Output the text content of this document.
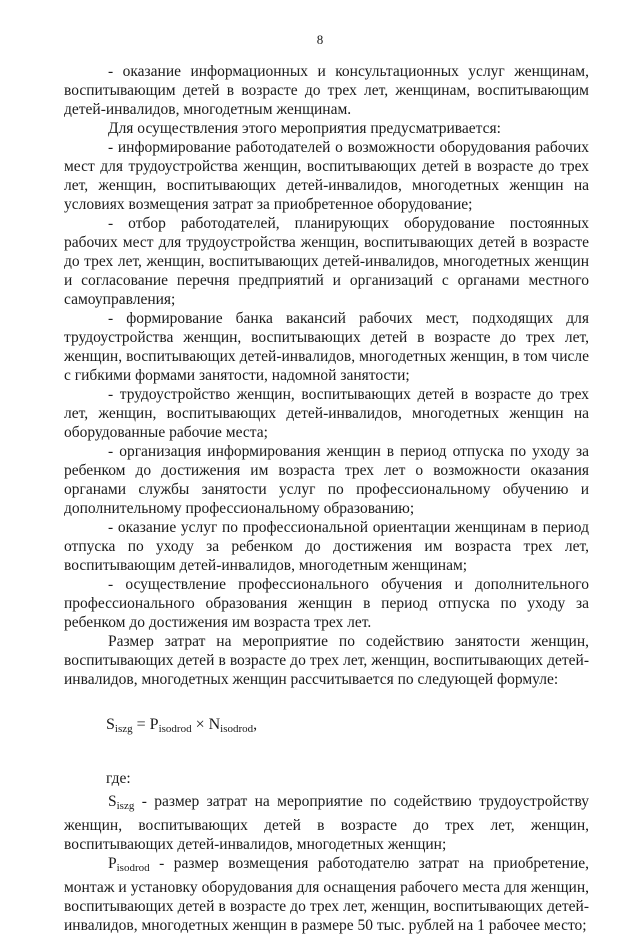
8

- оказание информационных и консультационных услуг женщинам, воспитывающим детей в возрасте до трех лет, женщинам, воспитывающим детей-инвалидов, многодетным женщинам.

Для осуществления этого мероприятия предусматривается:

- информирование работодателей о возможности оборудования рабочих мест для трудоустройства женщин, воспитывающих детей в возрасте до трех лет, женщин, воспитывающих детей-инвалидов, многодетных женщин на условиях возмещения затрат за приобретенное оборудование;

- отбор работодателей, планирующих оборудование постоянных рабочих мест для трудоустройства женщин, воспитывающих детей в возрасте до трех лет, женщин, воспитывающих детей-инвалидов, многодетных женщин и согласование перечня предприятий и организаций с органами местного самоуправления;

- формирование банка вакансий рабочих мест, подходящих для трудоустройства женщин, воспитывающих детей в возрасте до трех лет, женщин, воспитывающих детей-инвалидов, многодетных женщин, в том числе с гибкими формами занятости, надомной занятости;

- трудоустройство женщин, воспитывающих детей в возрасте до трех лет, женщин, воспитывающих детей-инвалидов, многодетных женщин на оборудованные рабочие места;

- организация информирования женщин в период отпуска по уходу за ребенком до достижения им возраста трех лет о возможности оказания органами службы занятости услуг по профессиональному обучению и дополнительному профессиональному образованию;

- оказание услуг по профессиональной ориентации женщинам в период отпуска по уходу за ребенком до достижения им возраста трех лет, воспитывающим детей-инвалидов, многодетным женщинам;

- осуществление профессионального обучения и дополнительного профессионального образования женщин в период отпуска по уходу за ребенком до достижения им возраста трех лет.

Размер затрат на мероприятие по содействию занятости женщин, воспитывающих детей в возрасте до трех лет, женщин, воспитывающих детей-инвалидов, многодетных женщин рассчитывается по следующей формуле:

$S_{iszg} = P_{isodrod} \times N_{isodrod}$,
где:

$S_{iszg}$ - размер затрат на мероприятие по содействию трудоустройству женщин, воспитывающих детей в возрасте до трех лет, женщин, воспитывающих детей-инвалидов, многодетных женщин;

$P_{isodrod}$ - размер возмещения работодателю затрат на приобретение, монтаж и установку оборудования для оснащения рабочего места для женщин, воспитывающих детей в возрасте до трех лет, женщин, воспитывающих детей-инвалидов, многодетных женщин в размере 50 тыс. рублей на 1 рабочее место;
